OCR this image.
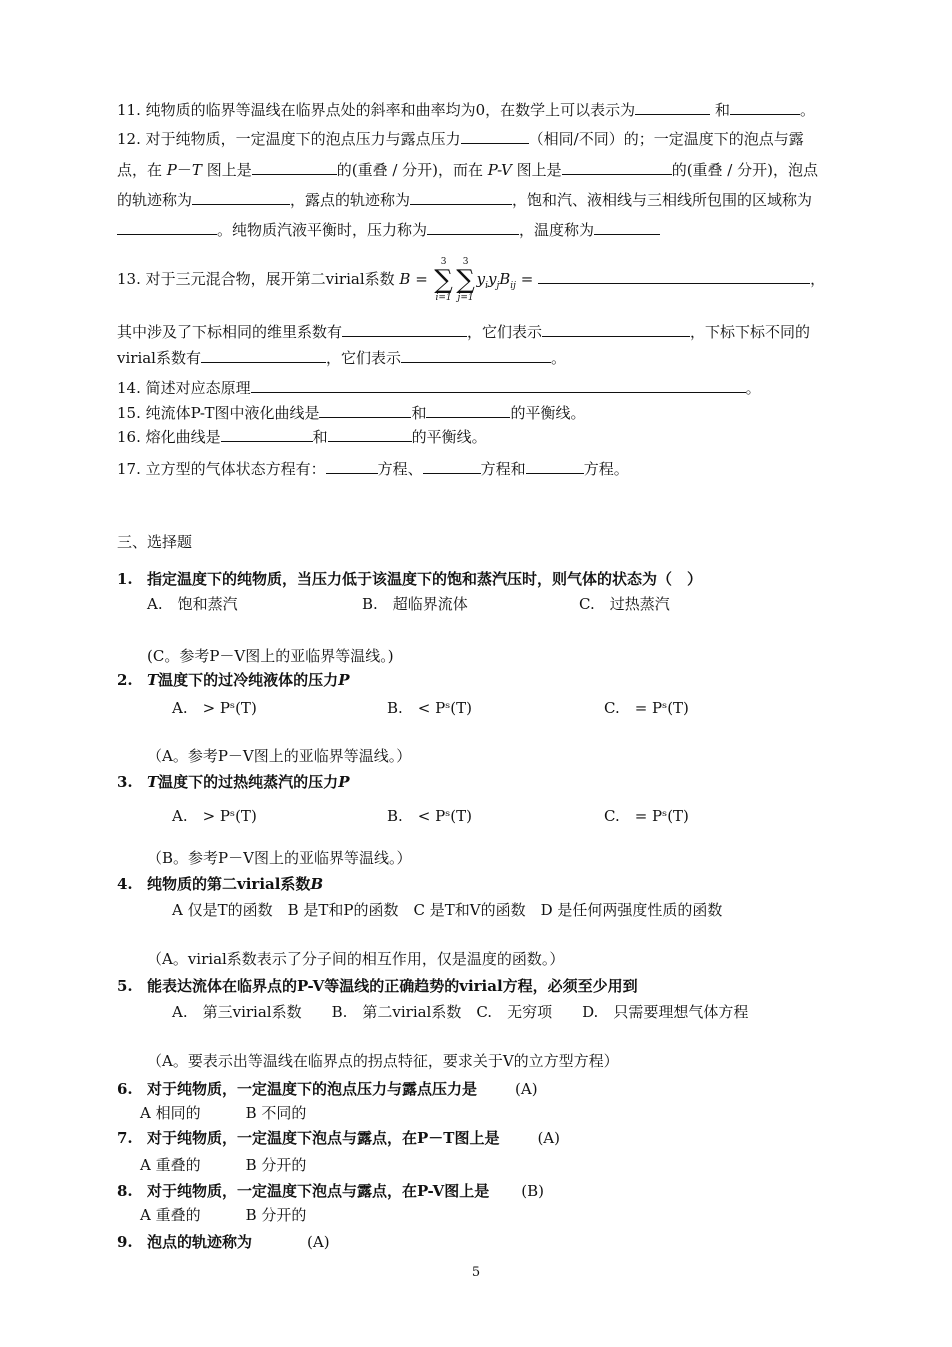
11. 纯物质的临界等温线在临界点处的斜率和曲率均为0，在数学上可以表示为	和	。
12. 对于纯物质，一定温度下的泡点压力与露点压力	（相同/不同）的；一定温度下的泡点与露
点，在 P－T 图上是	的(重叠 / 分开)，而在 P-V 图上是	的(重叠 / 分开)，泡点
的轨迹称为	，露点的轨迹称为	，饱和汽、液相线与三相线所包围的区域称为
。纯物质汽液平衡时，压力称为	，温度称为
13. 对于三元混合物，展开第二virial系数 B =
3
∑
i=1
3
∑
j=1
$y_iy_jB_{ij}$ =	，
其中涉及了下标相同的维里系数有	，它们表示	，下标下标不同的
virial系数有	，它们表示	。
14. 简述对应态原理	。
15. 纯流体P-T图中液化曲线是	和	的平衡线。
16. 熔化曲线是	和	的平衡线。
17. 立方型的气体状态方程有：	方程、	方程和	方程。
三、选择题
1. 指定温度下的纯物质，当压力低于该温度下的饱和蒸汽压时，则气体的状态为（　）
A.　饱和蒸汽	B.　超临界流体	C.　过热蒸汽
(C。参考P－V图上的亚临界等温线。)
2. T温度下的过冷纯液体的压力P
A.　> Pˢ(T)	B.　< Pˢ(T)	C.　= Pˢ(T)
（A。参考P－V图上的亚临界等温线。）
3. T温度下的过热纯蒸汽的压力P
A.　> Pˢ(T)	B.　< Pˢ(T)	C.　= Pˢ(T)
（B。参考P－V图上的亚临界等温线。）
4. 纯物质的第二virial系数B
A 仅是T的函数　B 是T和P的函数　C 是T和V的函数　D 是任何两强度性质的函数
（A。virial系数表示了分子间的相互作用，仅是温度的函数。）
5. 能表达流体在临界点的P-V等温线的正确趋势的virial方程，必须至少用到
A.　第三virial系数　　B.　第二virial系数　C.　无穷项　　D.　只需要理想气体方程
（A。要表示出等温线在临界点的拐点特征，要求关于V的立方型方程）
6. 对于纯物质，一定温度下的泡点压力与露点压力是	(A)
A 相同的　　　B 不同的
7. 对于纯物质，一定温度下泡点与露点，在P－T图上是	(A)
A 重叠的　　　B 分开的
8. 对于纯物质，一定温度下泡点与露点，在P-V图上是 (B)
A 重叠的　　　B 分开的
9. 泡点的轨迹称为	(A)
5
